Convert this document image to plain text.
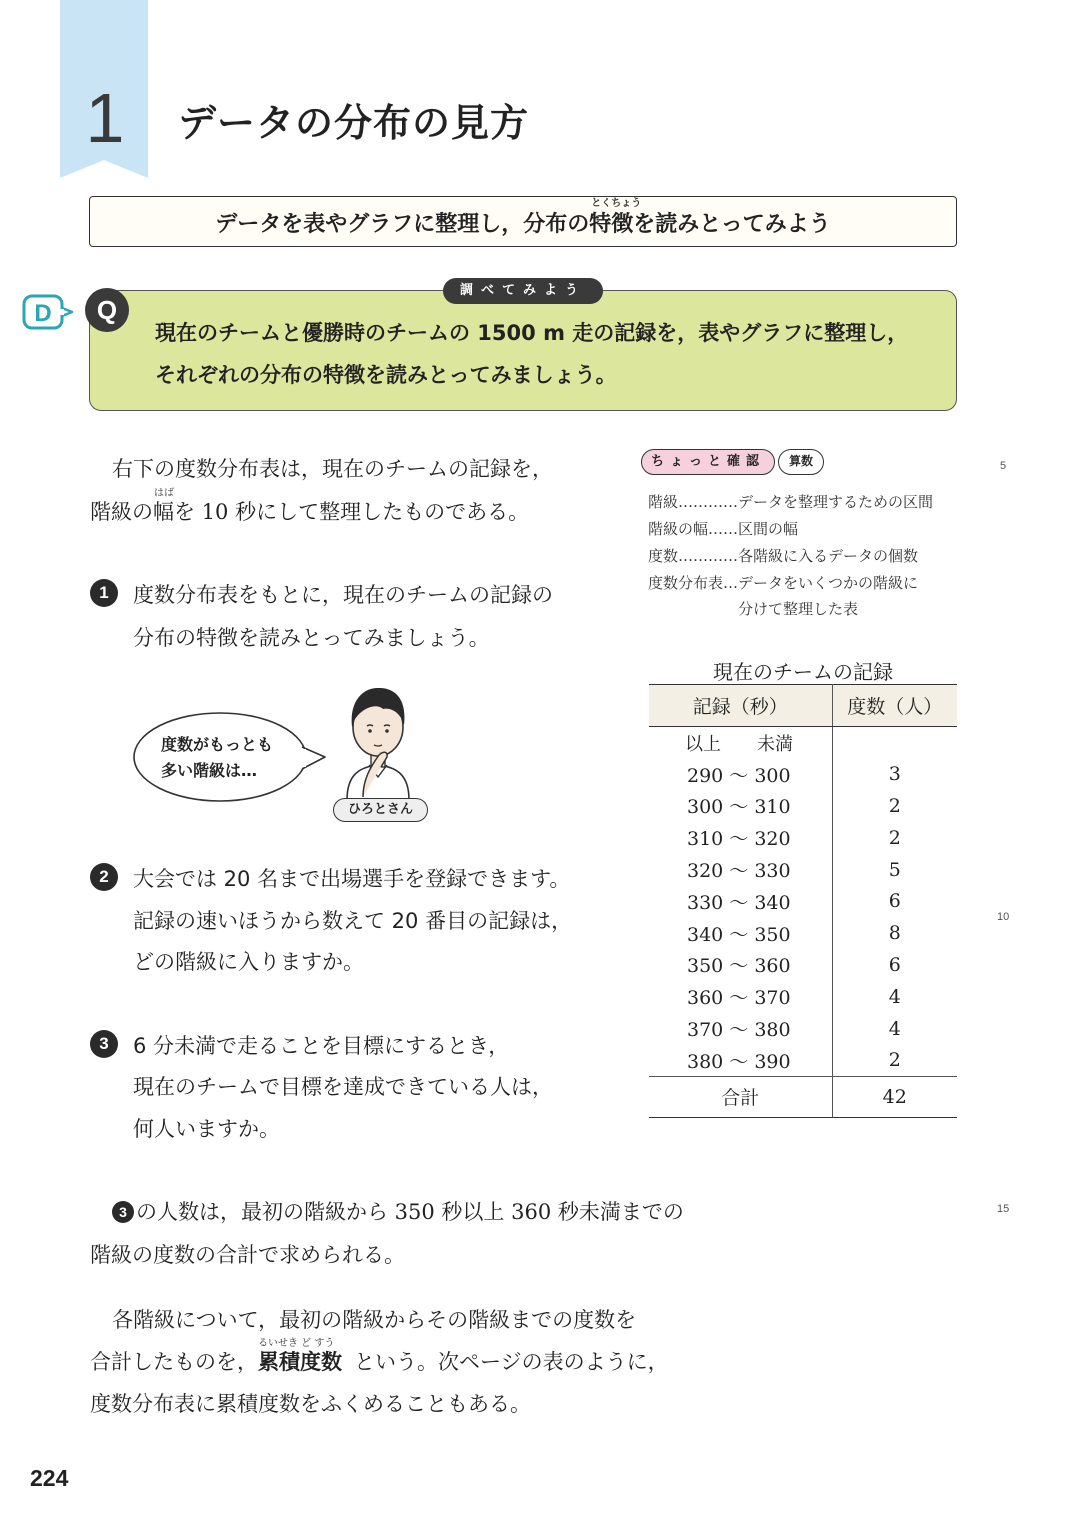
1	データの分布の見方
データを表やグラフに整理し，分布の
とくちょう
特徴を読みとってみよう
D	Q
調べてみよう
現在のチームと優勝時のチームの 1500 m 走の記録を，表やグラフに整理し，
それぞれの分布の特徴を読みとってみましょう。
右下の度数分布表は，現在のチームの記録を，
階級の
はば
幅を 10 秒にして整理したものである。
1	度数分布表をもとに，現在のチームの記録の
分布の特徴を読みとってみましょう。
度数がもっとも
多い階級は…
ひろとさん
2	大会では 20 名まで出場選手を登録できます。
記録の速いほうから数えて 20 番目の記録は，
どの階級に入りますか。
3	6 分未満で走ることを目標にするとき，
現在のチームで目標を達成できている人は，
何人いますか。
ちょっと確認	算数
階級…………データを整理するための区間
階級の幅……区間の幅
度数…………各階級に入るデータの個数
度数分布表…データをいくつかの階級に
　　　　　　分けて整理した表
現在のチームの記録
記録（秒）	度数（人）
以上　　未満	
290 ～ 300	3
300 ～ 310	2
310 ～ 320	2
320 ～ 330	5
330 ～ 340	6
340 ～ 350	8
350 ～ 360	6
360 ～ 370	4
370 ～ 380	4
380 ～ 390	2
合計	42
3 の人数は，最初の階級から 350 秒以上 360 秒未満までの
階級の度数の合計で求められる。
各階級について，最初の階級からその階級までの度数を
合計したものを，
るいせき ど すう
累積度数 という。次ページの表のように，
度数分布表に累積度数をふくめることもある。
5
10
15
224
